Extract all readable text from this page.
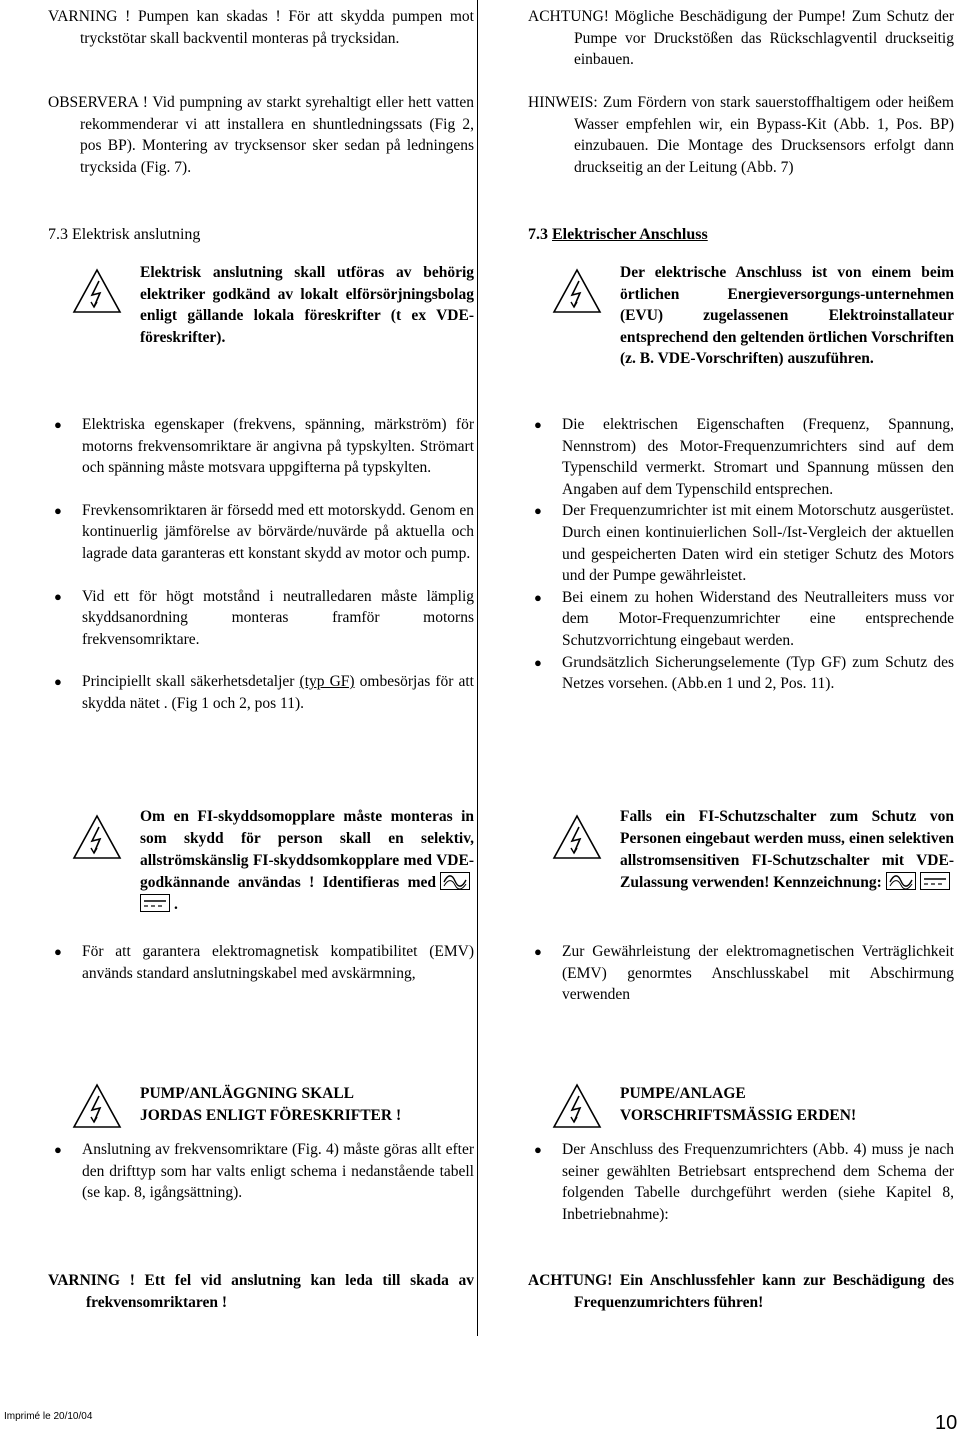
VARNING ! Pumpen kan skadas ! För att skydda pumpen mot tryckstötar skall backventil monteras på trycksidan.
OBSERVERA ! Vid pumpning av starkt syrehaltigt eller hett vatten rekommenderar vi att installera en shuntledningssats (Fig 2, pos BP). Montering av trycksensor sker sedan på ledningens trycksida (Fig. 7).
7.3 Elektrisk anslutning
Elektrisk anslutning skall utföras av behörig elektriker godkänd av lokalt elförsörjningsbolag enligt gällande lokala föreskrifter (t ex VDE-föreskrifter).
● Elektriska egenskaper (frekvens, spänning, märkström) för motorns frekvensomriktare är angivna på typskylten. Strömart och spänning måste motsvara uppgifterna på typskylten.
● Frevkensomriktaren är försedd med ett motorskydd. Genom en kontinuerlig jämförelse av börvärde/nuvärde på aktuella och lagrade data garanteras ett konstant skydd av motor och pump.
● Vid ett för högt motstånd i neutralledaren måste lämplig skyddsanordning monteras framför motorns frekvensomriktare.
● Principiellt skall säkerhetsdetaljer (typ GF) ombesörjas för att skydda nätet . (Fig 1 och 2, pos 11).
Om en FI-skyddsomopplare måste monteras in som skydd för person skall en selektiv, allströmskänslig FI-skyddsomkopplare med VDE-godkännande användas ! Identifieras med.
● För att garantera elektromagnetisk kompatibilitet (EMV) används standard anslutningskabel med avskärmning,
PUMP/ANLÄGGNING SKALL
JORDAS ENLIGT FÖRESKRIFTER !
● Anslutning av frekvensomriktare (Fig. 4) måste göras allt efter den drifttyp som har valts enligt schema i nedanstående tabell (se kap. 8, igångsättning).
VARNING ! Ett fel vid anslutning kan leda till skada av frekvensomriktaren !
ACHTUNG! Mögliche Beschädigung der Pumpe! Zum Schutz der Pumpe vor Druckstößen das Rückschlagventil druckseitig einbauen.
HINWEIS: Zum Fördern von stark sauerstoffhaltigem oder heißem Wasser empfehlen wir, ein Bypass-Kit (Abb. 1, Pos. BP) einzubauen. Die Montage des Drucksensors erfolgt dann druckseitig an der Leitung (Abb. 7)
7.3 Elektrischer Anschluss
Der elektrische Anschluss ist von einem beim örtlichen Energieversorgungs-unternehmen (EVU) zugelassenen Elektroinstallateur entsprechend den geltenden örtlichen Vorschriften (z. B. VDE-Vorschriften) auszuführen.
● Die elektrischen Eigenschaften (Frequenz, Spannung, Nennstrom) des Motor-Frequenzumrichters sind auf dem Typenschild vermerkt. Stromart und Spannung müssen den Angaben auf dem Typenschild entsprechen.
● Der Frequenzumrichter ist mit einem Motorschutz ausgerüstet. Durch einen kontinuierlichen Soll-/Ist-Vergleich der aktuellen und gespeicherten Daten wird ein stetiger Schutz des Motors und der Pumpe gewährleistet.
● Bei einem zu hohen Widerstand des Neutralleiters muss vor dem Motor-Frequenzumrichter eine entsprechende Schutzvorrichtung eingebaut werden.
● Grundsätzlich Sicherungselemente (Typ GF) zum Schutz des Netzes vorsehen. (Abb.en 1 und 2, Pos. 11).
Falls ein FI-Schutzschalter zum Schutz von Personen eingebaut werden muss, einen selektiven allstromsensitiven FI-Schutzschalter mit VDE-Zulassung verwenden! Kennzeichnung:
● Zur Gewährleistung der elektromagnetischen Verträglichkeit (EMV) genormtes Anschlusskabel mit Abschirmung verwenden
PUMPE/ANLAGE
VORSCHRIFTSMÄSSIG ERDEN!
● Der Anschluss des Frequenzumrichters (Abb. 4) muss je nach seiner gewählten Betriebsart entsprechend dem Schema der folgenden Tabelle durchgeführt werden (siehe Kapitel 8, Inbetriebnahme):
ACHTUNG! Ein Anschlussfehler kann zur Beschädigung des Frequenzumrichters führen!
Imprimé le 20/10/04	10
